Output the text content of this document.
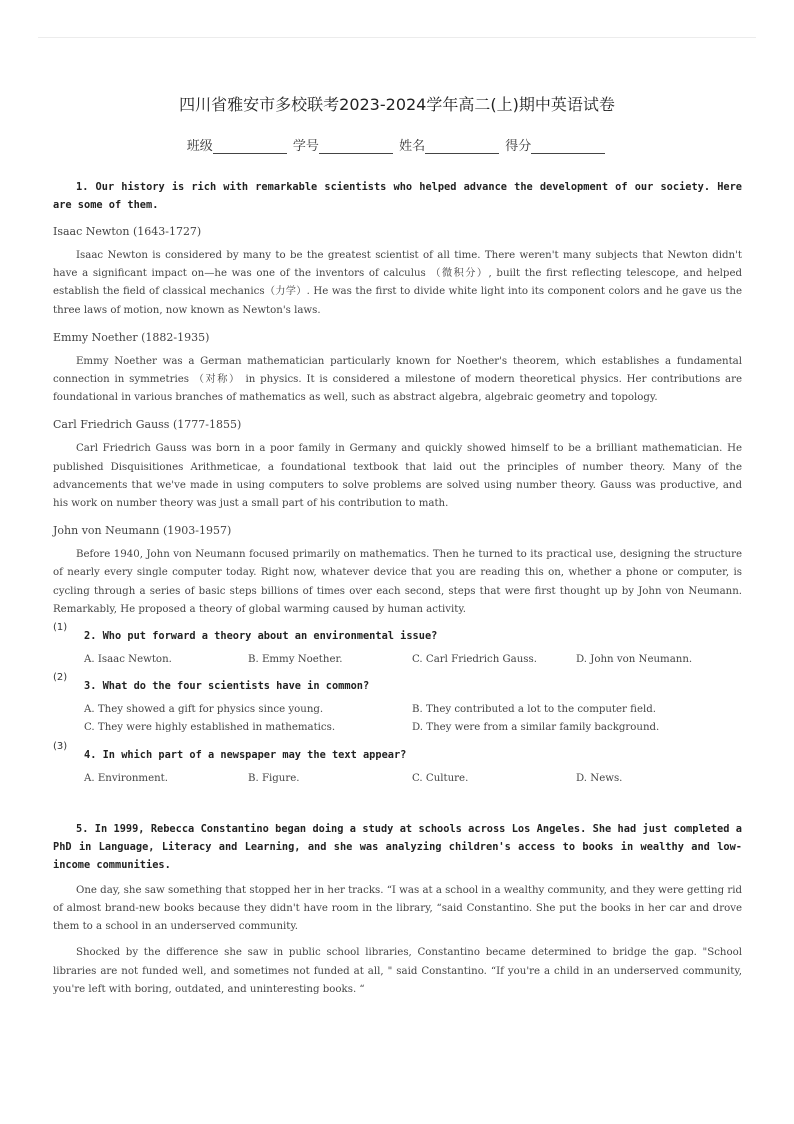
四川省雅安市多校联考2023-2024学年高二(上)期中英语试卷
班级	学号	姓名	得分

1. Our history is rich with remarkable scientists who helped advance the development of our society. Here are some of them.

Isaac Newton (1643-1727)

Isaac Newton is considered by many to be the greatest scientist of all time. There weren't many subjects that Newton didn't have a significant impact on—he was one of the inventors of calculus （微积分）, built the first reflecting telescope, and helped establish the field of classical mechanics（力学）. He was the first to divide white light into its component colors and he gave us the three laws of motion, now known as Newton's laws.

Emmy Noether (1882-1935)

Emmy Noether was a German mathematician particularly known for Noether's theorem, which establishes a fundamental connection in symmetries （对称） in physics. It is considered a milestone of modern theoretical physics. Her contributions are foundational in various branches of mathematics as well, such as abstract algebra, algebraic geometry and topology.

Carl Friedrich Gauss (1777-1855)

Carl Friedrich Gauss was born in a poor family in Germany and quickly showed himself to be a brilliant mathematician. He published Disquisitiones Arithmeticae, a foundational textbook that laid out the principles of number theory. Many of the advancements that we've made in using computers to solve problems are solved using number theory. Gauss was productive, and his work on number theory was just a small part of his contribution to math.

John von Neumann (1903-1957)

Before 1940, John von Neumann focused primarily on mathematics. Then he turned to its practical use, designing the structure of nearly every single computer today. Right now, whatever device that you are reading this on, whether a phone or computer, is cycling through a series of basic steps billions of times over each second, steps that were first thought up by John von Neumann. Remarkably, He proposed a theory of global warming caused by human activity.

(1)
2. Who put forward a theory about an environmental issue?
A. Isaac Newton.	B. Emmy Noether.	C. Carl Friedrich Gauss.	D. John von Neumann.
(2)
3. What do the four scientists have in common?
A. They showed a gift for physics since young.	B. They contributed a lot to the computer field.
C. They were highly established in mathematics.	D. They were from a similar family background.
(3)
4. In which part of a newspaper may the text appear?
A. Environment.	B. Figure.	C. Culture.	D. News.

5. In 1999, Rebecca Constantino began doing a study at schools across Los Angeles. She had just completed a PhD in Language, Literacy and Learning, and she was analyzing children's access to books in wealthy and low-income communities.

One day, she saw something that stopped her in her tracks. “I was at a school in a wealthy community, and they were getting rid of almost brand-new books because they didn't have room in the library, “said Constantino. She put the books in her car and drove them to a school in an underserved community.

Shocked by the difference she saw in public school libraries, Constantino became determined to bridge the gap. "School libraries are not funded well, and sometimes not funded at all, " said Constantino. “If you're a child in an underserved community, you're left with boring, outdated, and uninteresting books. “
